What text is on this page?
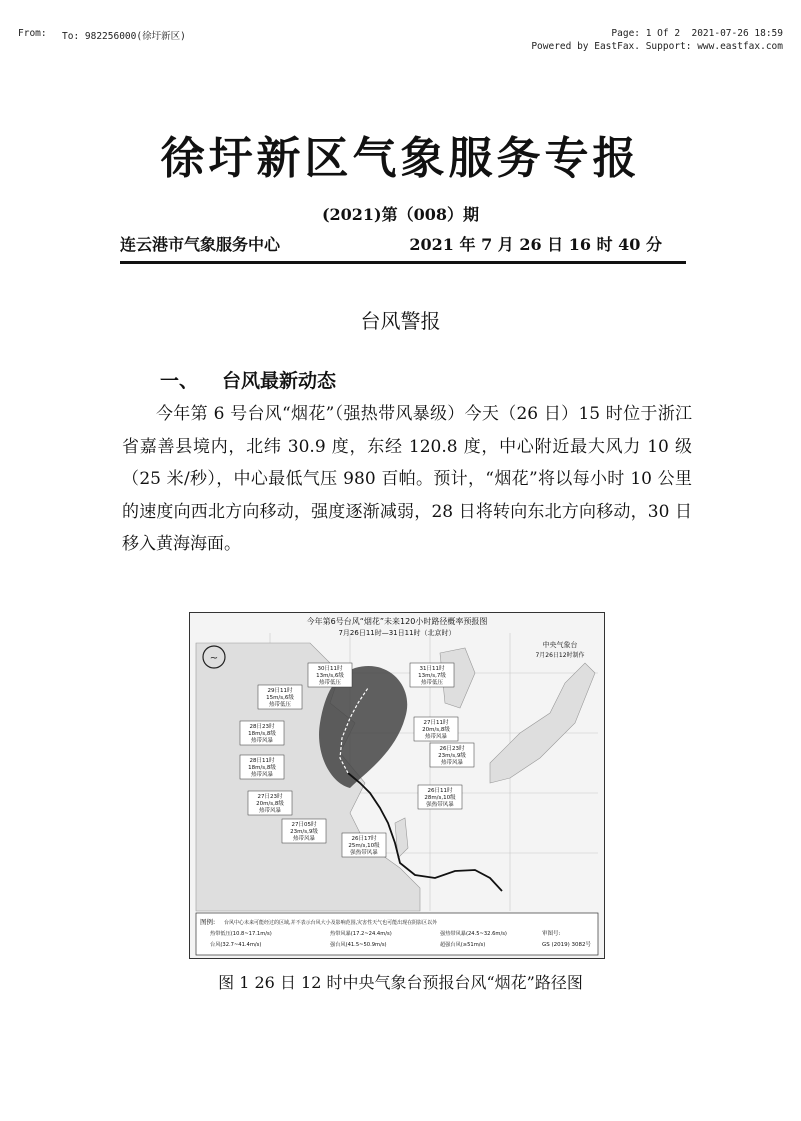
From: To: 982256000(徐圩新区)	Page: 1 Of 2  2021-07-26 18:59
Powered by EastFax. Support: www.eastfax.com
徐圩新区气象服务专报
(2021)第（008）期
连云港市气象服务中心	2021 年 7 月 26 日 16 时 40 分
台风警报
一、 台风最新动态

今年第 6 号台风“烟花”（强热带风暴级）今天（26 日）15 时位于浙江省嘉善县境内，北纬 30.9 度，东经 120.8 度，中心附近最大风力 10 级（25 米/秒），中心最低气压 980 百帕。预计，“烟花”将以每小时 10 公里的速度向西北方向移动，强度逐渐减弱，28 日将转向东北方向移动，30 日移入黄海海面。

今年第6号台风“烟花”未来120小时路径概率预报图
7月26日11时—31日11时（北京时）
~
中央气象台
7月26日12时制作
30日11时
13m/s,6级
热带低压
31日11时
13m/s,7级
热带低压
29日11时
15m/s,6级
热带低压
27日11时
20m/s,8级
热带风暴
28日23时
18m/s,8级
热带风暴
26日23时
23m/s,9级
热带风暴
28日11时
18m/s,8级
热带风暴
26日11时
28m/s,10级
强热带风暴
27日23时
20m/s,8级
热带风暴
27日05时
23m/s,9级
热带风暴	26日17时
25m/s,10级
强热带风暴
图例: 台风中心未来可能经过的区域,并不表示台风大小及影响范围,灾害性天气也可能出现在阴影区以外
热带低压(10.8~17.1m/s)	热带风暴(17.2~24.4m/s)	强热带风暴(24.5~32.6m/s)
台风(32.7~41.4m/s)	强台风(41.5~50.9m/s)	超强台风(≥51m/s)
审图号:
GS (2019) 3082号
图 1 26 日 12 时中央气象台预报台风“烟花”路径图
